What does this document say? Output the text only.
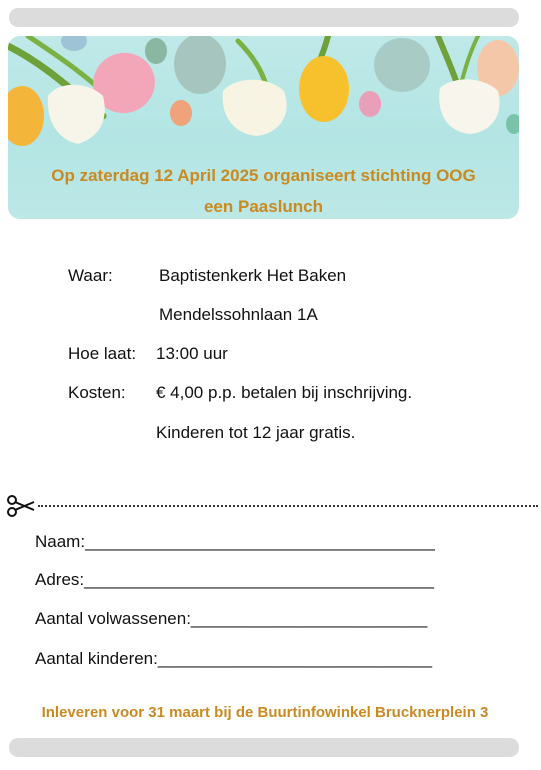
Op zaterdag 12 April 2025 organiseert stichting OOG
een Paaslunch
Waar:	Baptistenkerk Het Baken
Mendelssohnlaan 1A
Hoe laat: 13:00 uur
Kosten: € 4,00 p.p. betalen bij inschrijving.
Kinderen tot 12 jaar gratis.
Naam:_____________________________________
Adres:_____________________________________
Aantal volwassenen:_________________________
Aantal kinderen:_____________________________
Inleveren voor 31 maart bij de Buurtinfowinkel Brucknerplein 3
